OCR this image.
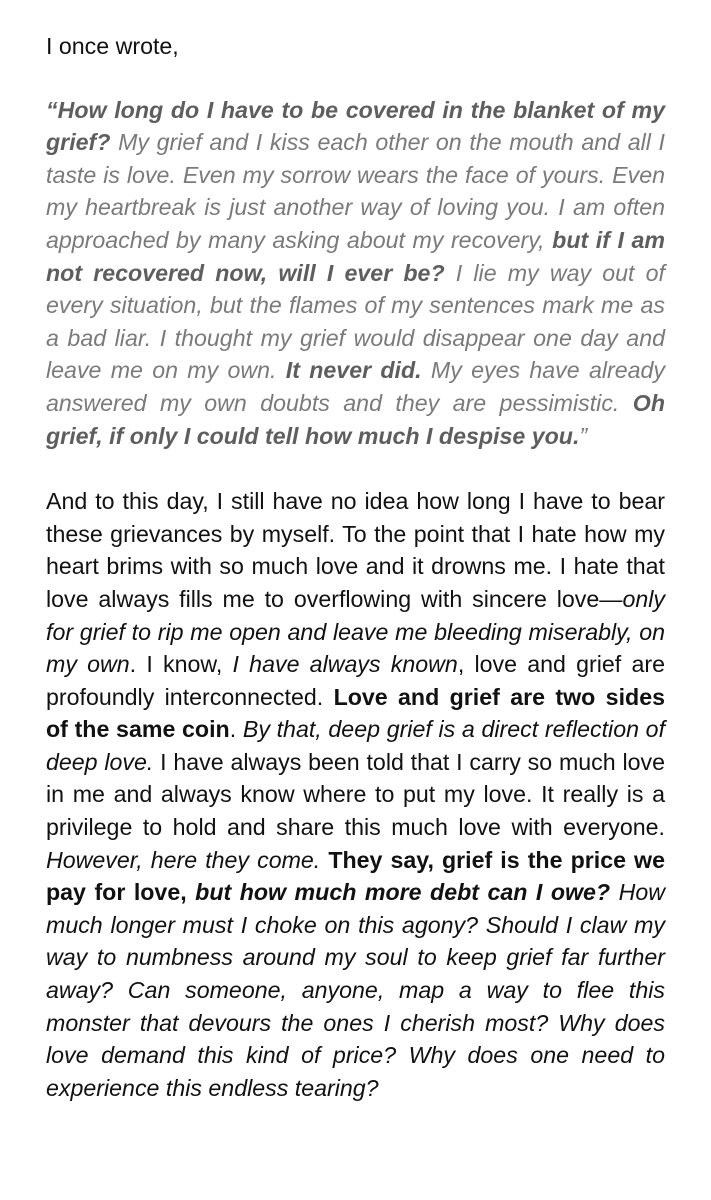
I once wrote,

“How long do I have to be covered in the blanket of my grief? My grief and I kiss each other on the mouth and all I taste is love. Even my sorrow wears the face of yours. Even my heartbreak is just another way of loving you. I am often approached by many asking about my recovery, but if I am not recovered now, will I ever be? I lie my way out of every situation, but the flames of my sentences mark me as a bad liar. I thought my grief would disappear one day and leave me on my own. It never did. My eyes have already answered my own doubts and they are pessimistic. Oh grief, if only I could tell how much I despise you.”

And to this day, I still have no idea how long I have to bear these grievances by myself. To the point that I hate how my heart brims with so much love and it drowns me. I hate that love always fills me to overflowing with sincere love—only for grief to rip me open and leave me bleeding miserably, on my own. I know, I have always known, love and grief are profoundly interconnected. Love and grief are two sides of the same coin. By that, deep grief is a direct reflection of deep love. I have always been told that I carry so much love in me and always know where to put my love. It really is a privilege to hold and share this much love with everyone. However, here they come. They say, grief is the price we pay for love, but how much more debt can I owe? How much longer must I choke on this agony? Should I claw my way to numbness around my soul to keep grief far further away? Can someone, anyone, map a way to flee this monster that devours the ones I cherish most? Why does love demand this kind of price? Why does one need to experience this endless tearing?
